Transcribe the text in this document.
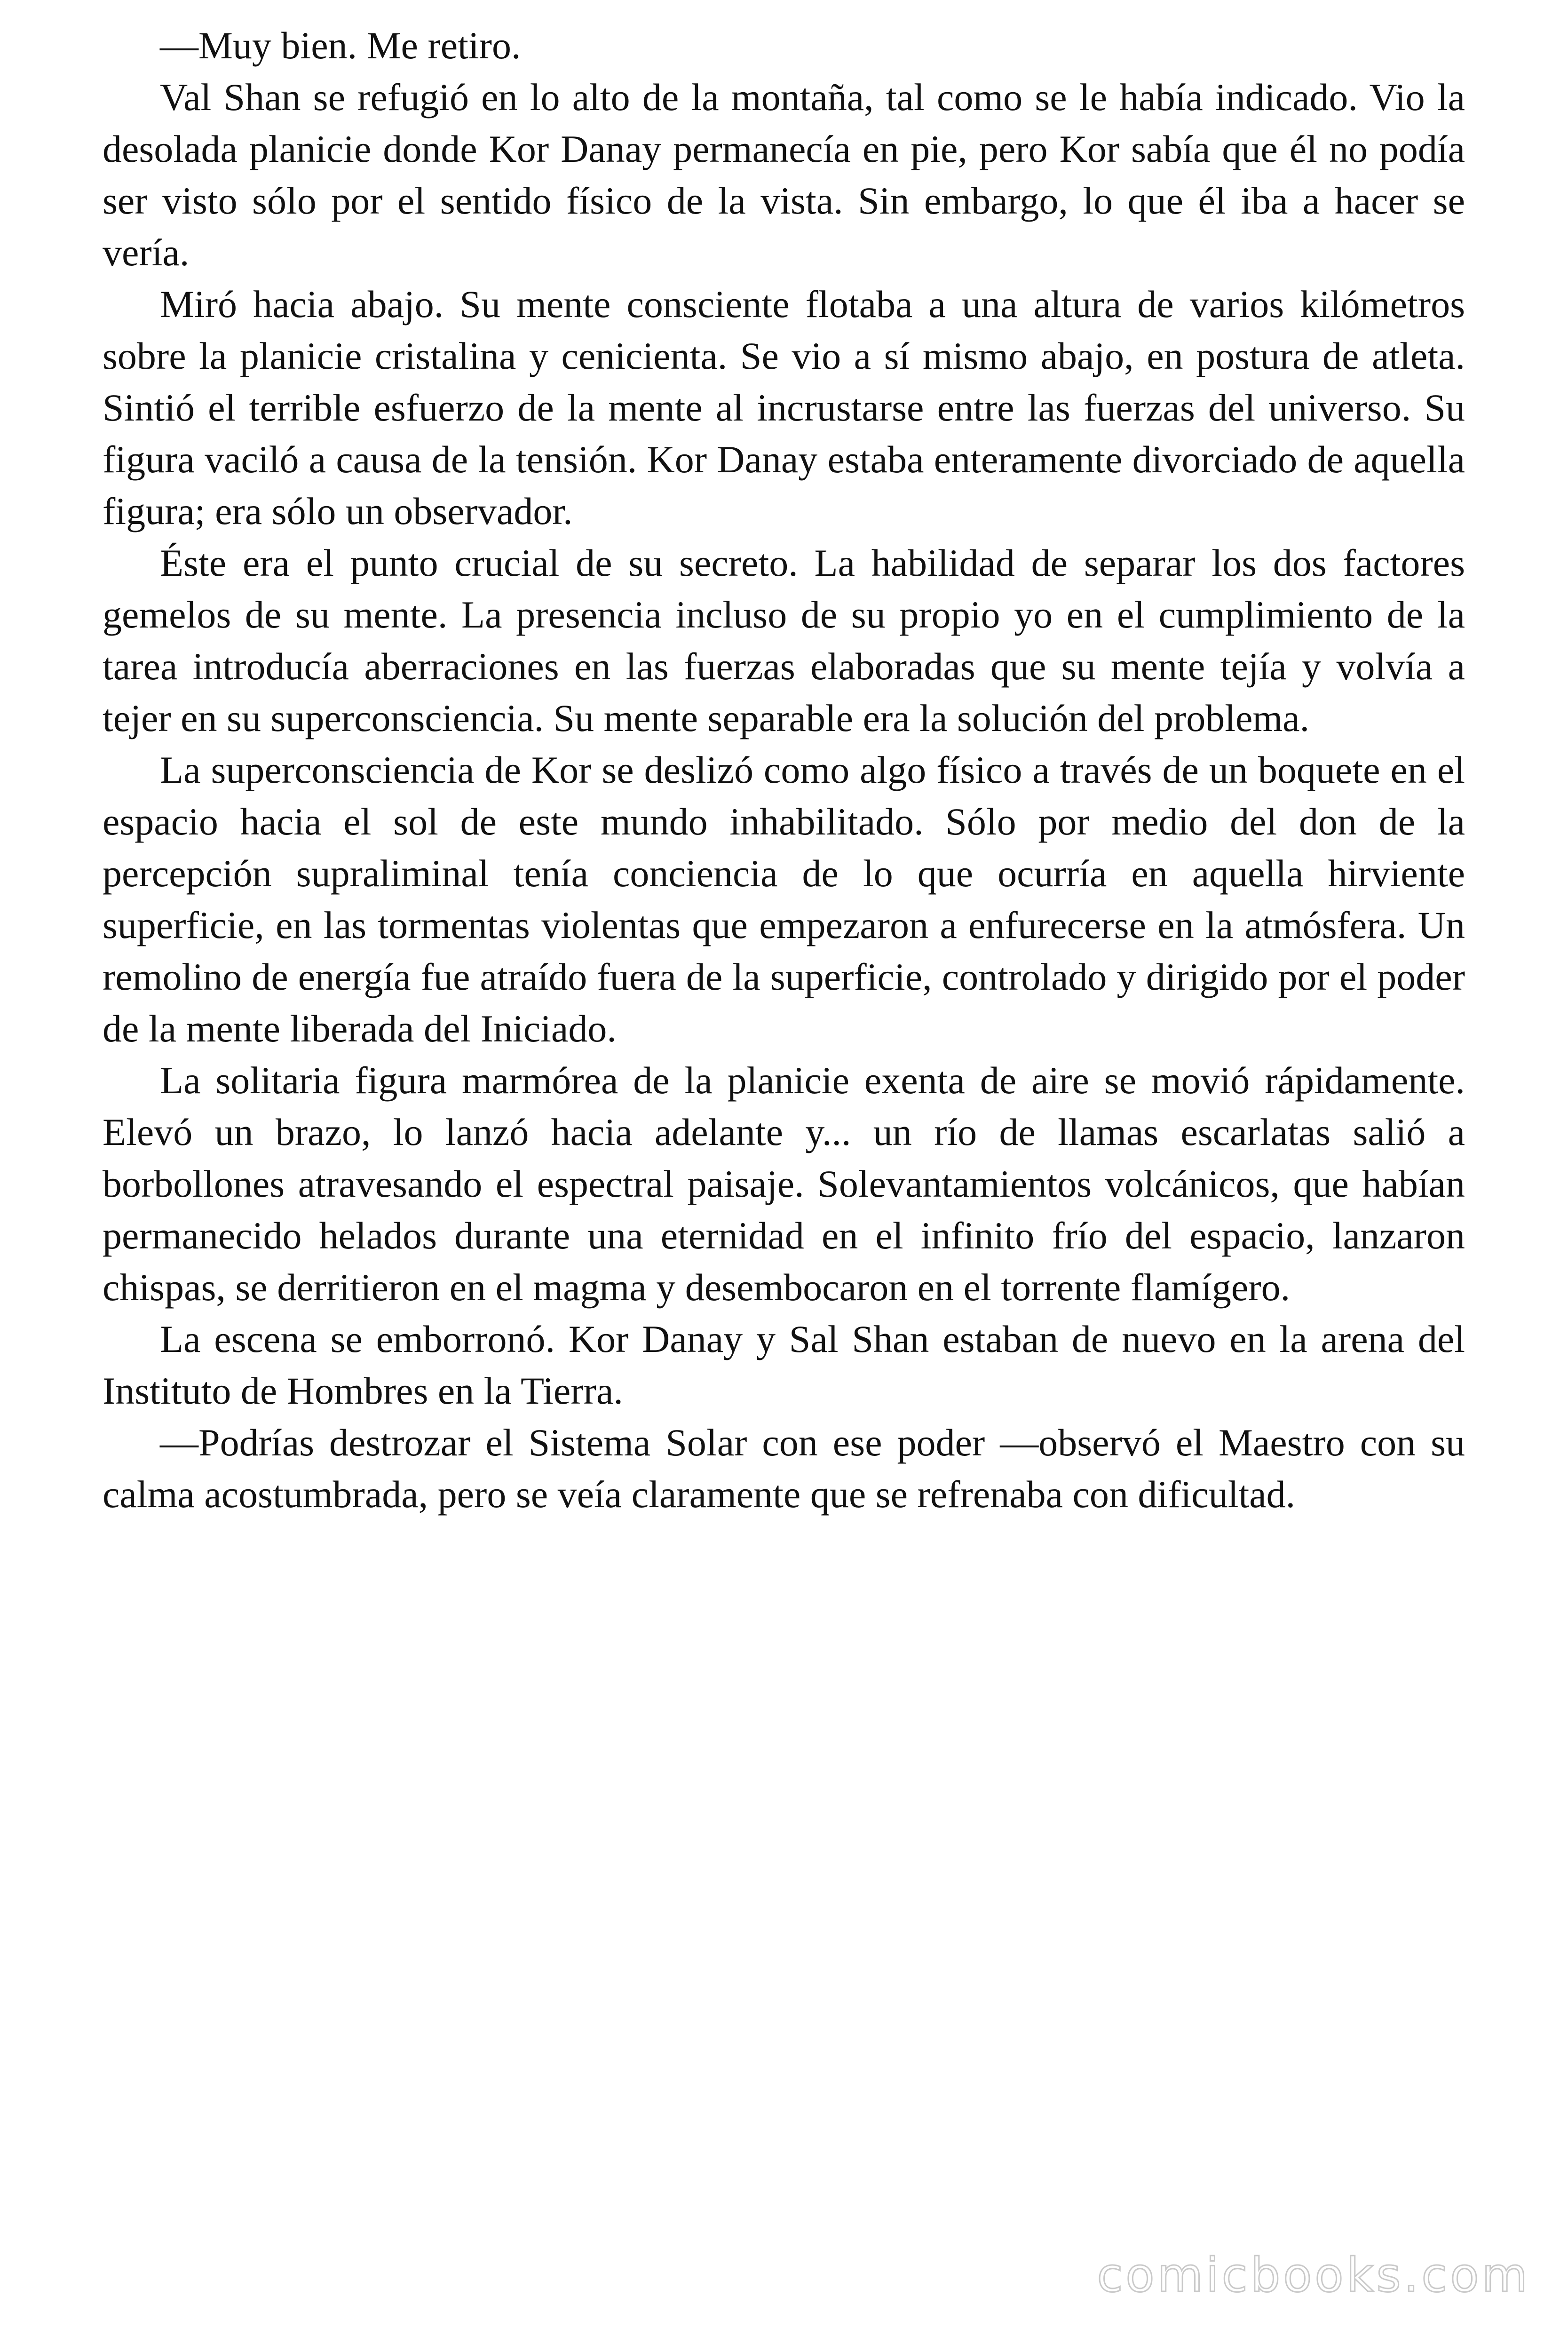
—Muy bien. Me retiro.

Val Shan se refugió en lo alto de la montaña, tal como se le había indicado. Vio la desolada planicie donde Kor Danay permanecía en pie, pero Kor sabía que él no podía ser visto sólo por el sentido físico de la vista. Sin embargo, lo que él iba a hacer se vería.

Miró hacia abajo. Su mente consciente flotaba a una altura de varios kilómetros sobre la planicie cristalina y cenicienta. Se vio a sí mismo abajo, en postura de atleta. Sintió el terrible esfuerzo de la mente al incrustarse entre las fuerzas del universo. Su figura vaciló a causa de la tensión. Kor Danay estaba enteramente divorciado de aquella figura; era sólo un observador.

Éste era el punto crucial de su secreto. La habilidad de separar los dos factores gemelos de su mente. La presencia incluso de su propio yo en el cumplimiento de la tarea introducía aberraciones en las fuerzas elaboradas que su mente tejía y volvía a tejer en su superconsciencia. Su mente separable era la solución del problema.

La superconsciencia de Kor se deslizó como algo físico a través de un boquete en el espacio hacia el sol de este mundo inhabilitado. Sólo por medio del don de la percepción supraliminal tenía conciencia de lo que ocurría en aquella hirviente superficie, en las tormentas violentas que empezaron a enfurecerse en la atmósfera. Un remolino de energía fue atraído fuera de la superficie, controlado y dirigido por el poder de la mente liberada del Iniciado.

La solitaria figura marmórea de la planicie exenta de aire se movió rápidamente. Elevó un brazo, lo lanzó hacia adelante y... un río de llamas escarlatas salió a borbollones atravesando el espectral paisaje. Solevantamientos volcánicos, que habían permanecido helados durante una eternidad en el infinito frío del espacio, lanzaron chispas, se derritieron en el magma y desembocaron en el torrente flamígero.

La escena se emborronó. Kor Danay y Sal Shan estaban de nuevo en la arena del Instituto de Hombres en la Tierra.

—Podrías destrozar el Sistema Solar con ese poder —observó el Maestro con su calma acostumbrada, pero se veía claramente que se refrenaba con dificultad.

comicbooks.com
